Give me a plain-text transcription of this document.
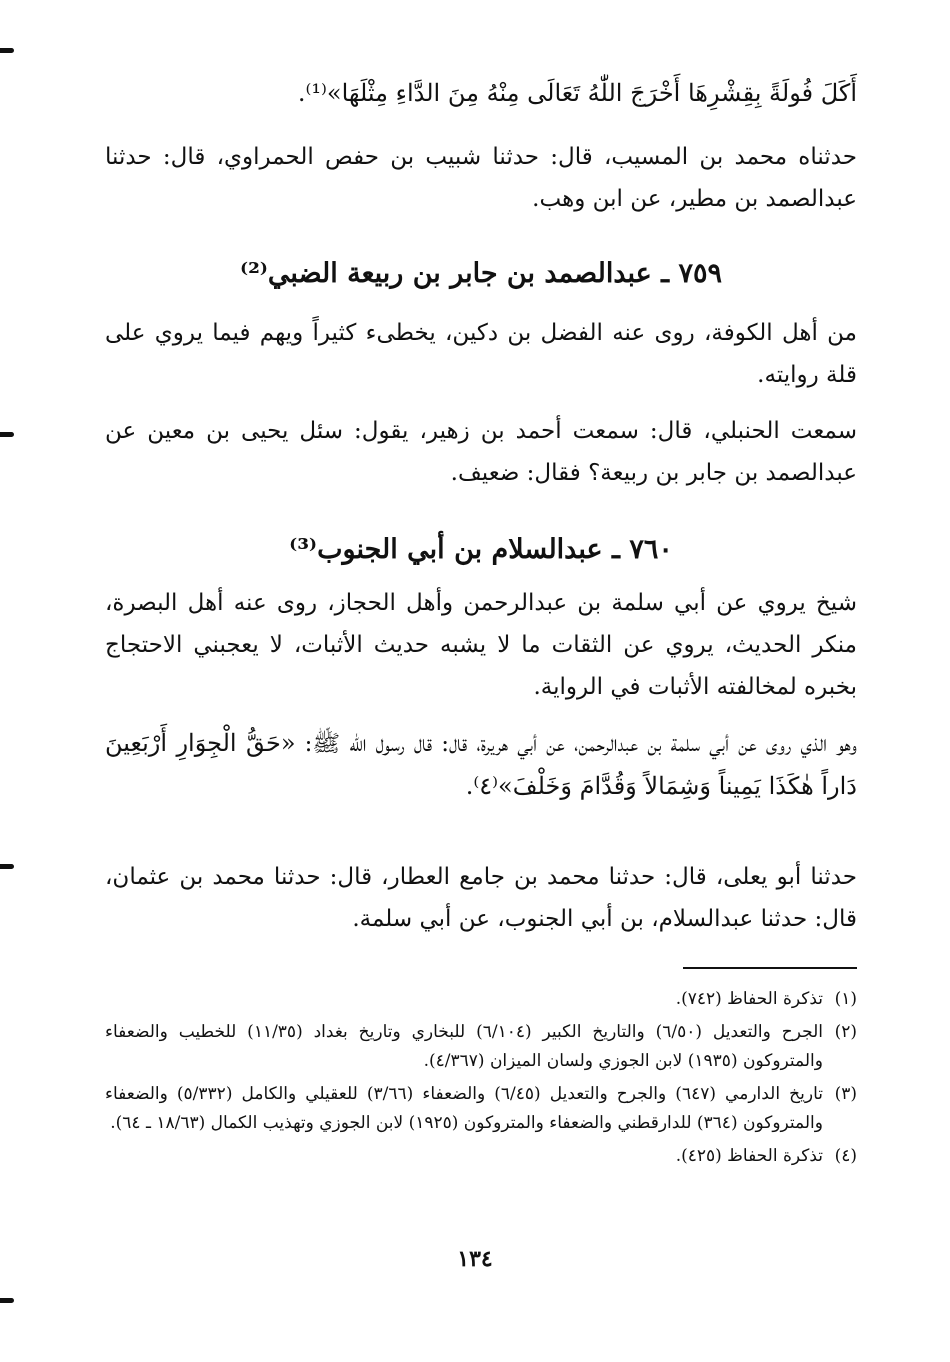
أَكَلَ فُولَةً بِقِشْرِهَا أَخْرَجَ اللّٰهُ تَعَالَى مِنْهُ مِنَ الدَّاءِ مِثْلَهَا»⁽¹⁾.

حدثناه محمد بن المسيب، قال: حدثنا شبيب بن حفص الحمراوي، قال: حدثنا عبدالصمد بن مطير، عن ابن وهب.

٧٥٩ ـ عبدالصمد بن جابر بن ربيعة الضبي⁽²⁾

من أهل الكوفة، روى عنه الفضل بن دكين، يخطىء كثيراً ويهم فيما يروي على قلة روايته.

سمعت الحنبلي، قال: سمعت أحمد بن زهير، يقول: سئل يحيى بن معين عن عبدالصمد بن جابر بن ربيعة؟ فقال: ضعيف.

٧٦٠ ـ عبدالسلام بن أبي الجنوب⁽³⁾

شيخ يروي عن أبي سلمة بن عبدالرحمن وأهل الحجاز، روى عنه أهل البصرة، منكر الحديث، يروي عن الثقات ما لا يشبه حديث الأثبات، لا يعجبني الاحتجاج بخبره لمخالفته الأثبات في الرواية.

وهو الذي روى عن أبي سلمة بن عبدالرحمن، عن أبي هريرة، قال: قال رسول الله ﷺ: «حَقُّ الْجِوَارِ أَرْبَعِينَ دَاراً هٰكَذَا يَمِيناً وَشِمَالاً وَقُدَّامَ وَخَلْفَ»⁽٤⁾.

حدثنا أبو يعلى، قال: حدثنا محمد بن جامع العطار، قال: حدثنا محمد بن عثمان، قال: حدثنا عبدالسلام، بن أبي الجنوب، عن أبي سلمة.

(١)
تذكرة الحفاظ (٧٤٢).
(٢)
الجرح والتعديل (٦/٥٠) والتاريخ الكبير (٦/١٠٤) للبخاري وتاريخ بغداد (١١/٣٥) للخطيب والضعفاء والمتروكون (١٩٣٥) لابن الجوزي ولسان الميزان (٤/٣٦٧).
(٣)
تاريخ الدارمي (٦٤٧) والجرح والتعديل (٦/٤٥) والضعفاء (٣/٦٦) للعقيلي والكامل (٥/٣٣٢) والضعفاء والمتروكون (٣٦٤) للدارقطني والضعفاء والمتروكون (١٩٢٥) لابن الجوزي وتهذيب الكمال (١٨/٦٣ ـ ٦٤).
(٤)
تذكرة الحفاظ (٤٢٥).
١٣٤
